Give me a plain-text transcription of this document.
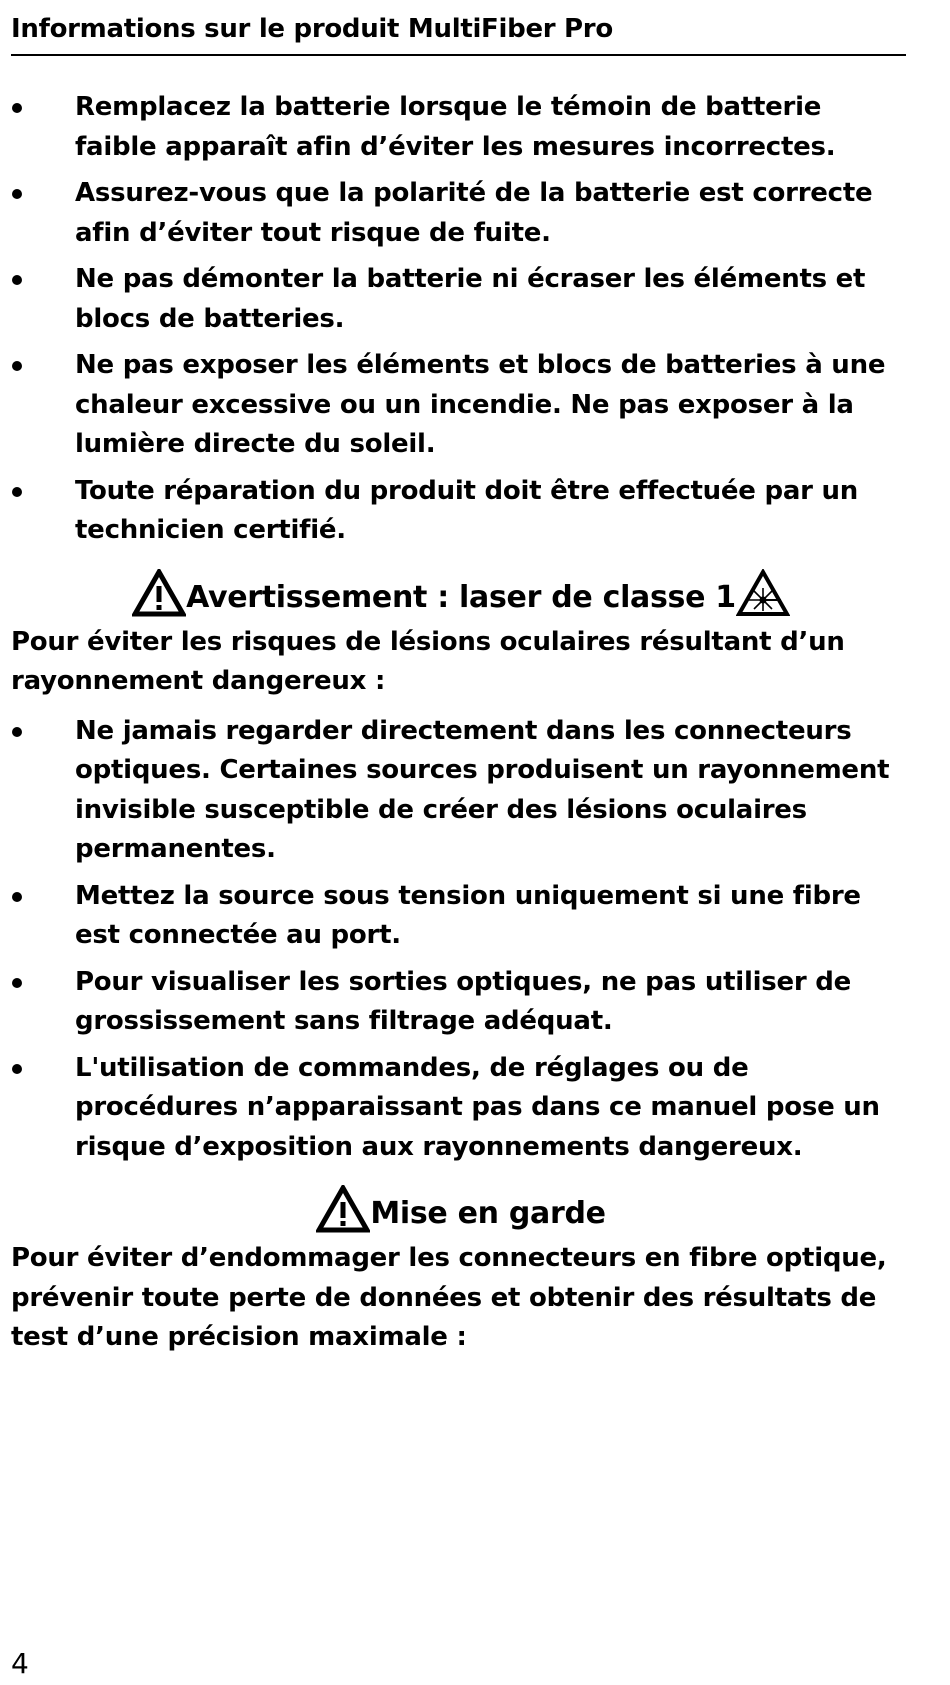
Informations sur le produit MultiFiber Pro
Remplacez la batterie lorsque le témoin de batterie faible apparaît afin d’éviter les mesures incorrectes.
Assurez-vous que la polarité de la batterie est correcte afin d’éviter tout risque de fuite.
Ne pas démonter la batterie ni écraser les éléments et blocs de batteries.
Ne pas exposer les éléments et blocs de batteries à une chaleur excessive ou un incendie. Ne pas exposer à la lumière directe du soleil.
Toute réparation du produit doit être effectuée par un technicien certifié.
Avertissement : laser de classe 1

Pour éviter les risques de lésions oculaires résultant d’un rayonnement dangereux :

Ne jamais regarder directement dans les connecteurs optiques. Certaines sources produisent un rayonnement invisible susceptible de créer des lésions oculaires permanentes.
Mettez la source sous tension uniquement si une fibre est connectée au port.
Pour visualiser les sorties optiques, ne pas utiliser de grossissement sans filtrage adéquat.
L'utilisation de commandes, de réglages ou de procédures n’apparaissant pas dans ce manuel pose un risque d’exposition aux rayonnements dangereux.
Mise en garde

Pour éviter d’endommager les connecteurs en fibre optique, prévenir toute perte de données et obtenir des résultats de test d’une précision maximale :

4
